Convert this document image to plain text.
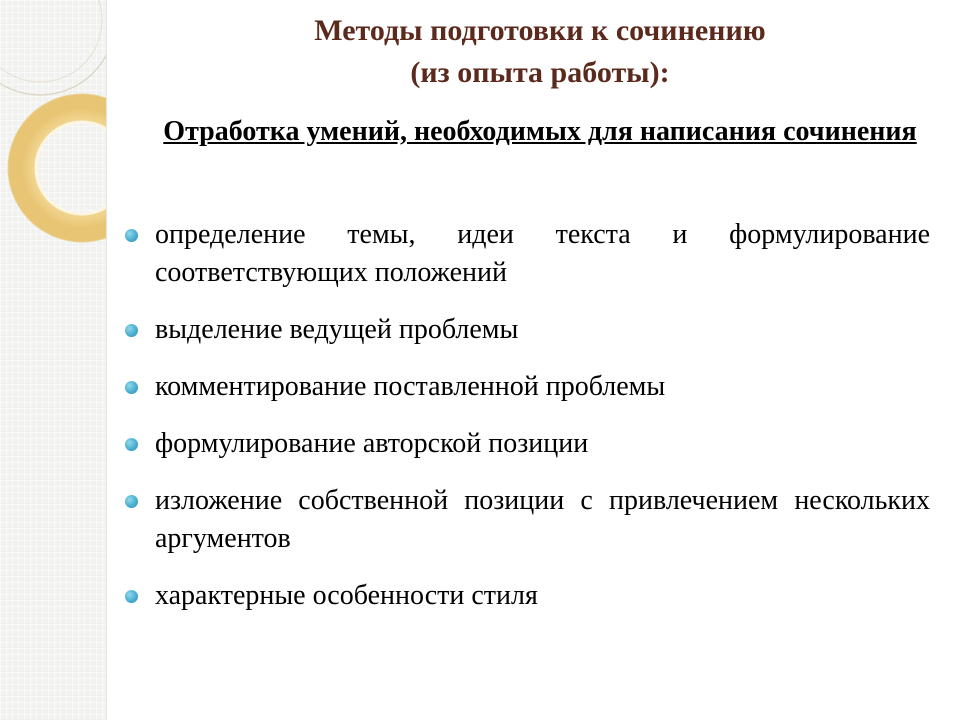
Методы подготовки к сочинению
(из опыта работы):
Отработка умений, необходимых для написания сочинения
определение темы, идеи текста и формулирование соответствующих положений
выделение ведущей проблемы
комментирование поставленной проблемы
формулирование авторской позиции
изложение собственной позиции с привлечением нескольких аргументов
характерные особенности стиля
